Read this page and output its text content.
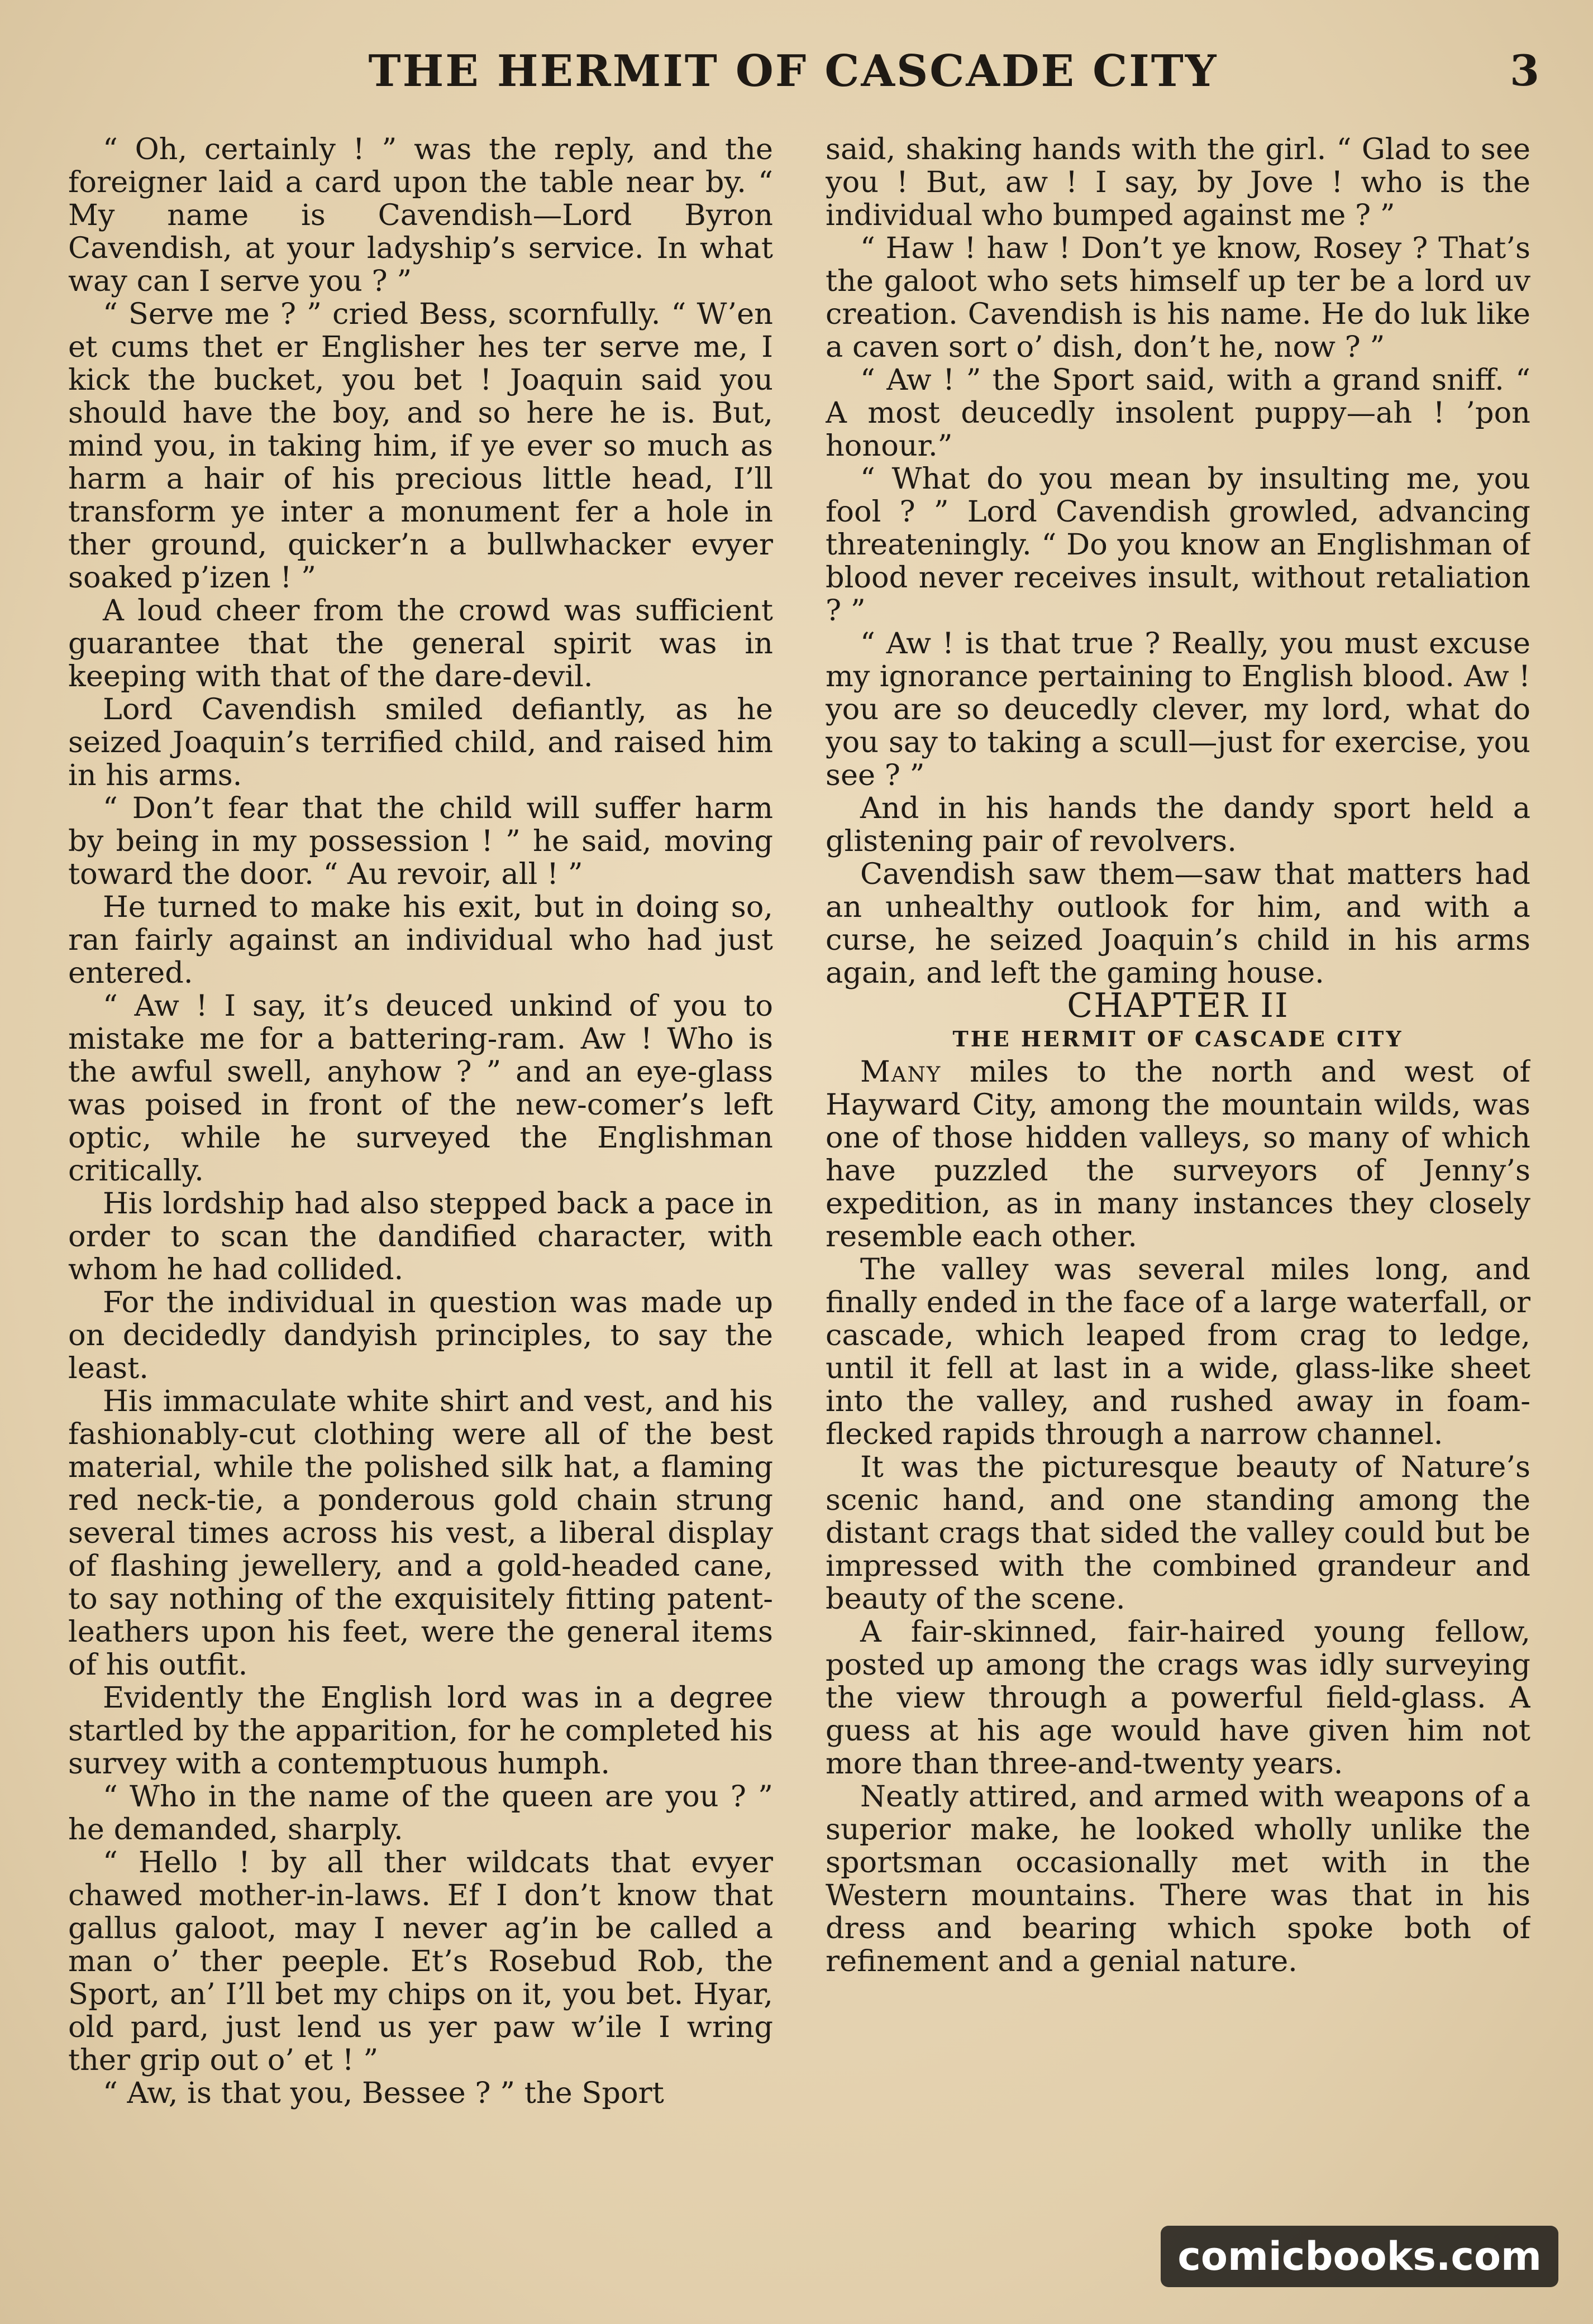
THE HERMIT OF CASCADE CITY	3

“ Oh, certainly ! ” was the reply, and the foreigner laid a card upon the table near by. “ My name is Cavendish—Lord Byron Cavendish, at your ladyship’s service. In what way can I serve you ? ”

“ Serve me ? ” cried Bess, scornfully. “ W’en et cums thet er Englisher hes ter serve me, I kick the bucket, you bet ! Joaquin said you should have the boy, and so here he is. But, mind you, in taking him, if ye ever so much as harm a hair of his precious little head, I’ll transform ye inter a monument fer a hole in ther ground, quicker’n a bullwhacker evyer soaked p’izen ! ”

A loud cheer from the crowd was sufficient guarantee that the general spirit was in keeping with that of the dare-devil.

Lord Cavendish smiled defiantly, as he seized Joaquin’s terrified child, and raised him in his arms.

“ Don’t fear that the child will suffer harm by being in my possession ! ” he said, moving toward the door. “ Au revoir, all ! ”

He turned to make his exit, but in doing so, ran fairly against an individual who had just entered.

“ Aw ! I say, it’s deuced unkind of you to mistake me for a battering-ram. Aw ! Who is the awful swell, anyhow ? ” and an eye-glass was poised in front of the new-comer’s left optic, while he surveyed the Englishman critically.

His lordship had also stepped back a pace in order to scan the dandified character, with whom he had collided.

For the individual in question was made up on decidedly dandyish principles, to say the least.

His immaculate white shirt and vest, and his fashionably-cut clothing were all of the best material, while the polished silk hat, a flaming red neck-tie, a ponderous gold chain strung several times across his vest, a liberal display of flashing jewellery, and a gold-headed cane, to say nothing of the exquisitely fitting patent-leathers upon his feet, were the general items of his outfit.

Evidently the English lord was in a degree startled by the apparition, for he completed his survey with a contemptuous humph.

“ Who in the name of the queen are you ? ” he demanded, sharply.

“ Hello ! by all ther wildcats that evyer chawed mother-in-laws. Ef I don’t know that gallus galoot, may I never ag’in be called a man o’ ther peeple. Et’s Rosebud Rob, the Sport, an’ I’ll bet my chips on it, you bet. Hyar, old pard, just lend us yer paw w’ile I wring ther grip out o’ et ! ”

“ Aw, is that you, Bessee ? ” the Sport

said, shaking hands with the girl. “ Glad to see you ! But, aw ! I say, by Jove ! who is the individual who bumped against me ? ”

“ Haw ! haw ! Don’t ye know, Rosey ? That’s the galoot who sets himself up ter be a lord uv creation. Cavendish is his name. He do luk like a caven sort o’ dish, don’t he, now ? ”

“ Aw ! ” the Sport said, with a grand sniff. “ A most deucedly insolent puppy—ah ! ’pon honour.”

“ What do you mean by insulting me, you fool ? ” Lord Cavendish growled, advancing threateningly. “ Do you know an Englishman of blood never receives insult, without retaliation ? ”

“ Aw ! is that true ? Really, you must excuse my ignorance pertaining to English blood. Aw ! you are so deucedly clever, my lord, what do you say to taking a scull—just for exercise, you see ? ”

And in his hands the dandy sport held a glistening pair of revolvers.

Cavendish saw them—saw that matters had an unhealthy outlook for him, and with a curse, he seized Joaquin’s child in his arms again, and left the gaming house.

CHAPTER II

THE HERMIT OF CASCADE CITY

Many miles to the north and west of Hayward City, among the mountain wilds, was one of those hidden valleys, so many of which have puzzled the surveyors of Jenny’s expedition, as in many instances they closely resemble each other.

The valley was several miles long, and finally ended in the face of a large waterfall, or cascade, which leaped from crag to ledge, until it fell at last in a wide, glass-like sheet into the valley, and rushed away in foam-flecked rapids through a narrow channel.

It was the picturesque beauty of Nature’s scenic hand, and one standing among the distant crags that sided the valley could but be impressed with the combined grandeur and beauty of the scene.

A fair-skinned, fair-haired young fellow, posted up among the crags was idly surveying the view through a powerful field-glass. A guess at his age would have given him not more than three-and-twenty years.

Neatly attired, and armed with weapons of a superior make, he looked wholly unlike the sportsman occasionally met with in the Western mountains. There was that in his dress and bearing which spoke both of refinement and a genial nature.

comicbooks.com
